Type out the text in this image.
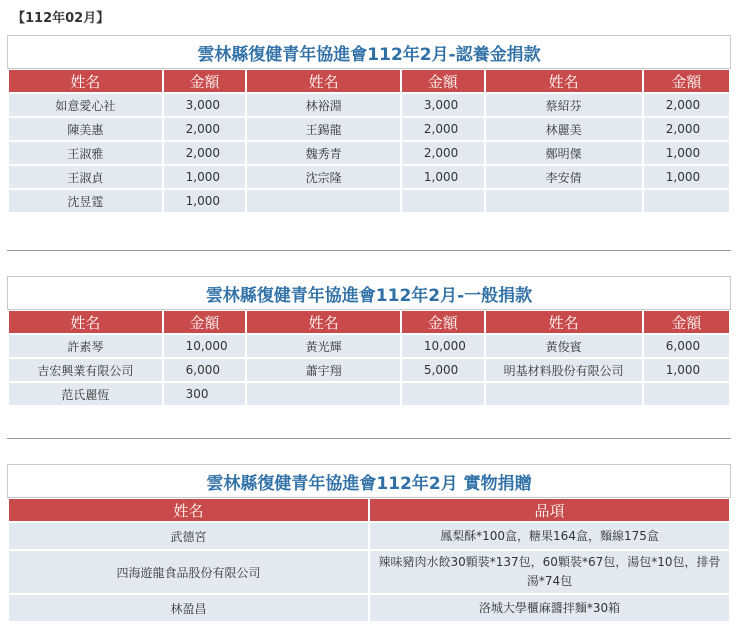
【112年02月】
雲林縣復健青年協進會112年2月-認養金捐款
姓名	金額	姓名	金額	姓名	金額
如意愛心社	3,000	林裕淵	3,000	蔡紹芬	2,000
陳美惠	2,000	王錫龍	2,000	林麗美	2,000
王淑雅	2,000	魏秀青	2,000	鄭明傑	1,000
王淑貞	1,000	沈宗隆	1,000	李安倩	1,000
沈昱霆	1,000				
雲林縣復健青年協進會112年2月-一般捐款
姓名	金額	姓名	金額	姓名	金額
許素琴	10,000	黃光輝	10,000	黃俊賓	6,000
吉宏興業有限公司	6,000	蕭宇翔	5,000	明基材料股份有限公司	1,000
范氏麗恆	300				
雲林縣復健青年協進會112年2月 實物捐贈
姓名	品項
武德宮	鳳梨酥*100盒，糖果164盒，麵線175盒
四海遊龍食品股份有限公司	辣味豬肉水餃30顆裝*137包，60顆裝*67包，湯包*10包，排骨湯*74包
林盈昌	洛城大學櫃麻醬拌麵*30箱
